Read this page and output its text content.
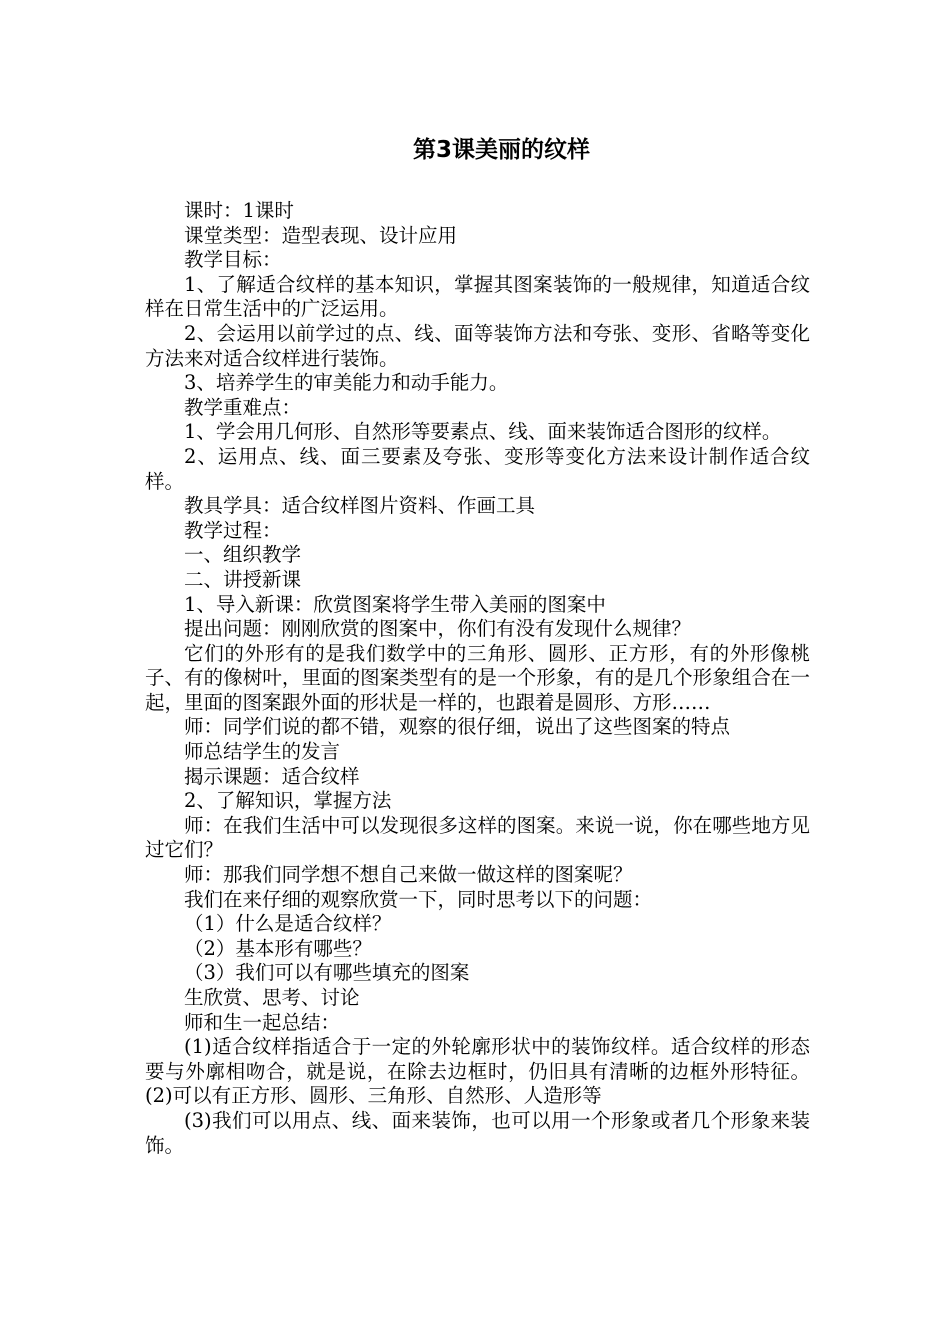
第3课美丽的纹样

课时：1课时

课堂类型：造型表现、设计应用

教学目标：

1、了解适合纹样的基本知识，掌握其图案装饰的一般规律，知道适合纹样在日常生活中的广泛运用。

2、会运用以前学过的点、线、面等装饰方法和夸张、变形、省略等变化方法来对适合纹样进行装饰。

3、培养学生的审美能力和动手能力。

教学重难点：

1、学会用几何形、自然形等要素点、线、面来装饰适合图形的纹样。

2、运用点、线、面三要素及夸张、变形等变化方法来设计制作适合纹样。

教具学具：适合纹样图片资料、作画工具

教学过程：

一、组织教学

二、讲授新课

1、导入新课：欣赏图案将学生带入美丽的图案中

提出问题：刚刚欣赏的图案中，你们有没有发现什么规律？

它们的外形有的是我们数学中的三角形、圆形、正方形，有的外形像桃子、有的像树叶，里面的图案类型有的是一个形象，有的是几个形象组合在一起，里面的图案跟外面的形状是一样的，也跟着是圆形、方形……

师：同学们说的都不错，观察的很仔细，说出了这些图案的特点

师总结学生的发言

揭示课题：适合纹样

2、了解知识，掌握方法

师：在我们生活中可以发现很多这样的图案。来说一说，你在哪些地方见过它们？

师：那我们同学想不想自己来做一做这样的图案呢？

我们在来仔细的观察欣赏一下，同时思考以下的问题：

（1）什么是适合纹样？

（2）基本形有哪些？

（3）我们可以有哪些填充的图案

生欣赏、思考、讨论

师和生一起总结：

(1)适合纹样指适合于一定的外轮廓形状中的装饰纹样。适合纹样的形态要与外廓相吻合，就是说，在除去边框时，仍旧具有清晰的边框外形特征。(2)可以有正方形、圆形、三角形、自然形、人造形等

(3)我们可以用点、线、面来装饰，也可以用一个形象或者几个形象来装饰。
